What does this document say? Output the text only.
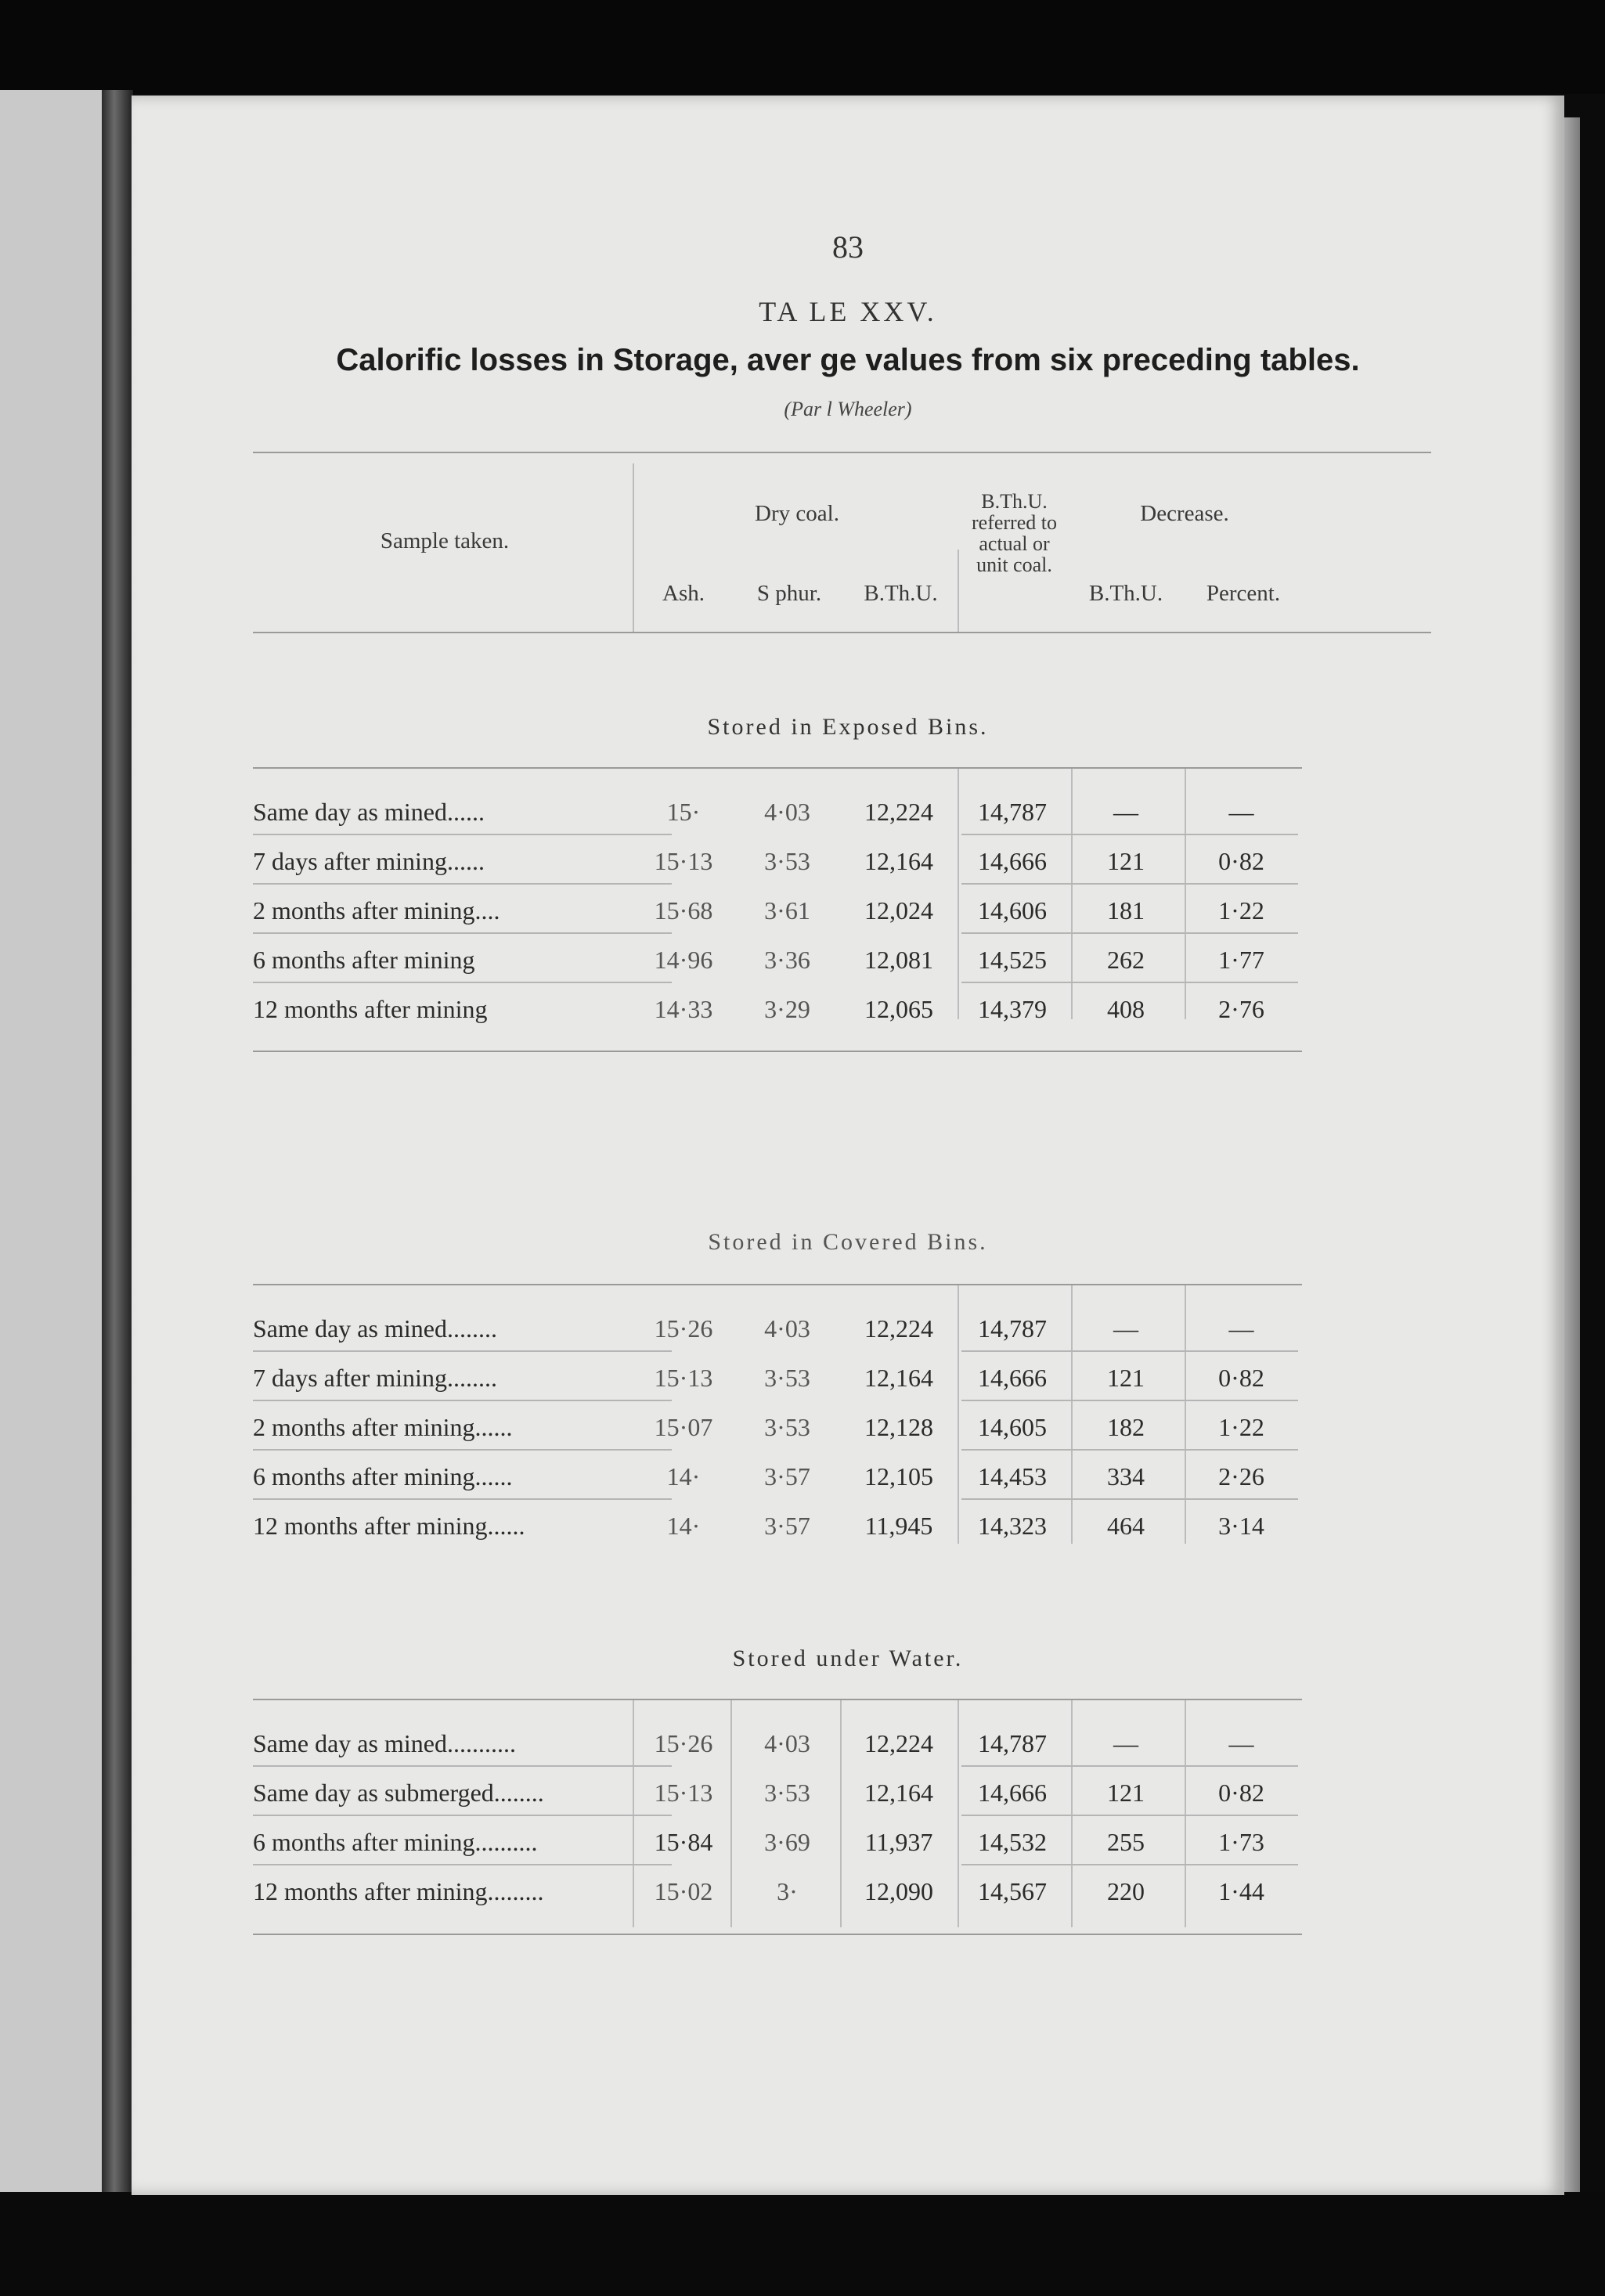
83
TA LE XXV.
Calorific losses in Storage, aver ge values from six preceding tables.
(Par l Wheeler)
Sample taken.
Dry coal.
Ash.	S phur.	B.Th.U.
B.Th.U. referred to actual or unit coal.
Decrease.
B.Th.U.	Percent.
Stored in Exposed Bins.
Same day as mined......	15·	4·03	12,224	14,787	—	—
7 days after mining......	15·13	3·53	12,164	14,666	121	0·82
2 months after mining....	15·68	3·61	12,024	14,606	181	1·22
6 months after mining	14·96	3·36	12,081	14,525	262	1·77
12 months after mining	14·33	3·29	12,065	14,379	408	2·76
Stored in Covered Bins.
Same day as mined........	15·26	4·03	12,224	14,787	—	—
7 days after mining........	15·13	3·53	12,164	14,666	121	0·82
2 months after mining......	15·07	3·53	12,128	14,605	182	1·22
6 months after mining......	14·	3·57	12,105	14,453	334	2·26
12 months after mining......	14·	3·57	11,945	14,323	464	3·14
Stored under Water.
Same day as mined...........	15·26	4·03	12,224	14,787	—	—
Same day as submerged........	15·13	3·53	12,164	14,666	121	0·82
6 months after mining..........	15·84	3·69	11,937	14,532	255	1·73
12 months after mining.........	15·02	3·	12,090	14,567	220	1·44
